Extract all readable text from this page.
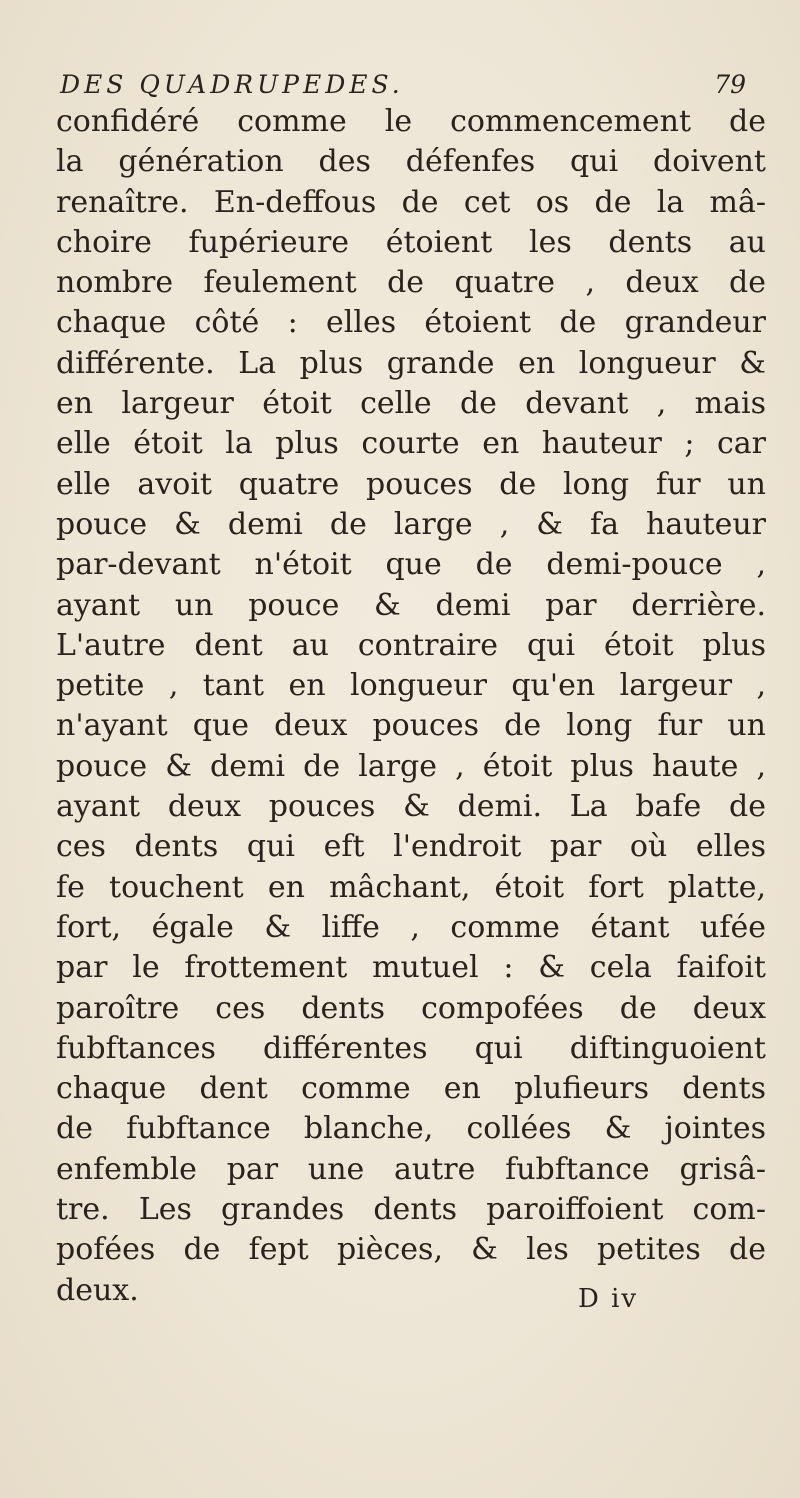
DES QUADRUPEDES.	79
confidéré comme le commencement de
la génération des défenfes qui doivent
renaître. En-deffous de cet os de la mâ-
choire fupérieure étoient les dents au
nombre feulement de quatre , deux de
chaque côté : elles étoient de grandeur
différente. La plus grande en longueur &
en largeur étoit celle de devant , mais
elle étoit la plus courte en hauteur ; car
elle avoit quatre pouces de long fur un
pouce & demi de large , & fa hauteur
par-devant n'étoit que de demi-pouce ,
ayant un pouce & demi par derrière.
L'autre dent au contraire qui étoit plus
petite , tant en longueur qu'en largeur ,
n'ayant que deux pouces de long fur un
pouce & demi de large , étoit plus haute ,
ayant deux pouces & demi. La bafe de
ces dents qui eft l'endroit par où elles
fe touchent en mâchant, étoit fort platte,
fort, égale & liffe , comme étant ufée
par le frottement mutuel : & cela faifoit
paroître ces dents compofées de deux
fubftances différentes qui diftinguoient
chaque dent comme en plufieurs dents
de fubftance blanche, collées & jointes
enfemble par une autre fubftance grisâ-
tre. Les grandes dents paroiffoient com-
pofées de fept pièces, & les petites de
deux.	D iv
